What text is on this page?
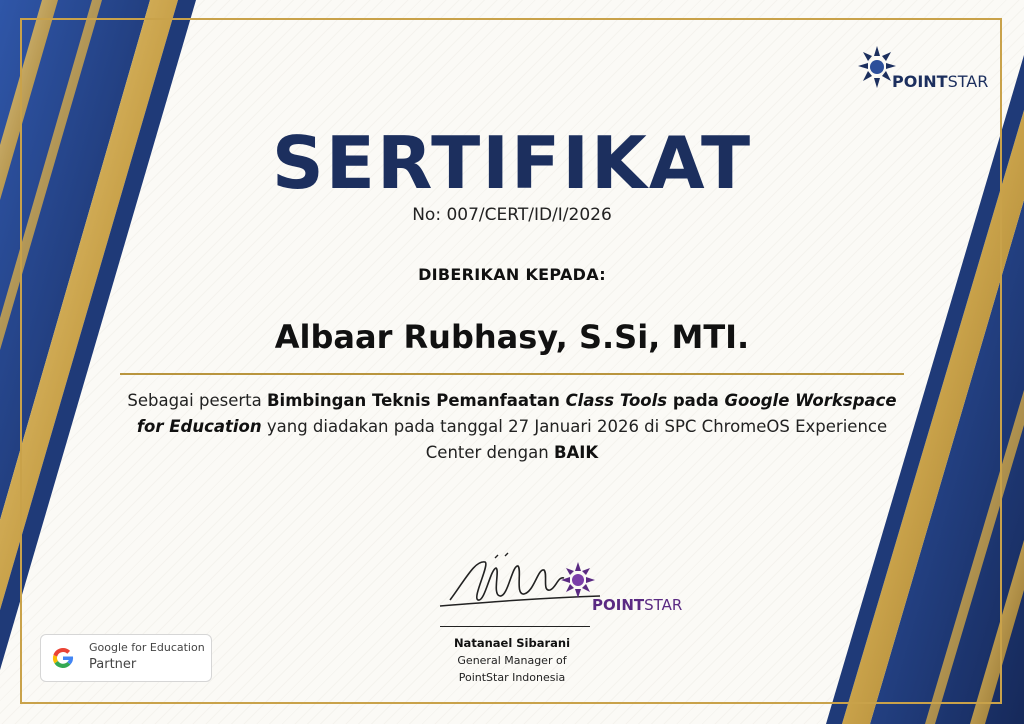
POINTSTAR
SERTIFIKAT
No: 007/CERT/ID/I/2026
DIBERIKAN KEPADA:
Albaar Rubhasy, S.Si, MTI.
Sebagai peserta Bimbingan Teknis Pemanfaatan Class Tools pada Google Workspace for Education yang diadakan pada tanggal 27 Januari 2026 di SPC ChromeOS Experience Center dengan BAIK
POINTSTAR
Natanael Sibarani
General Manager of
PointStar Indonesia
Google for Education
Partner
